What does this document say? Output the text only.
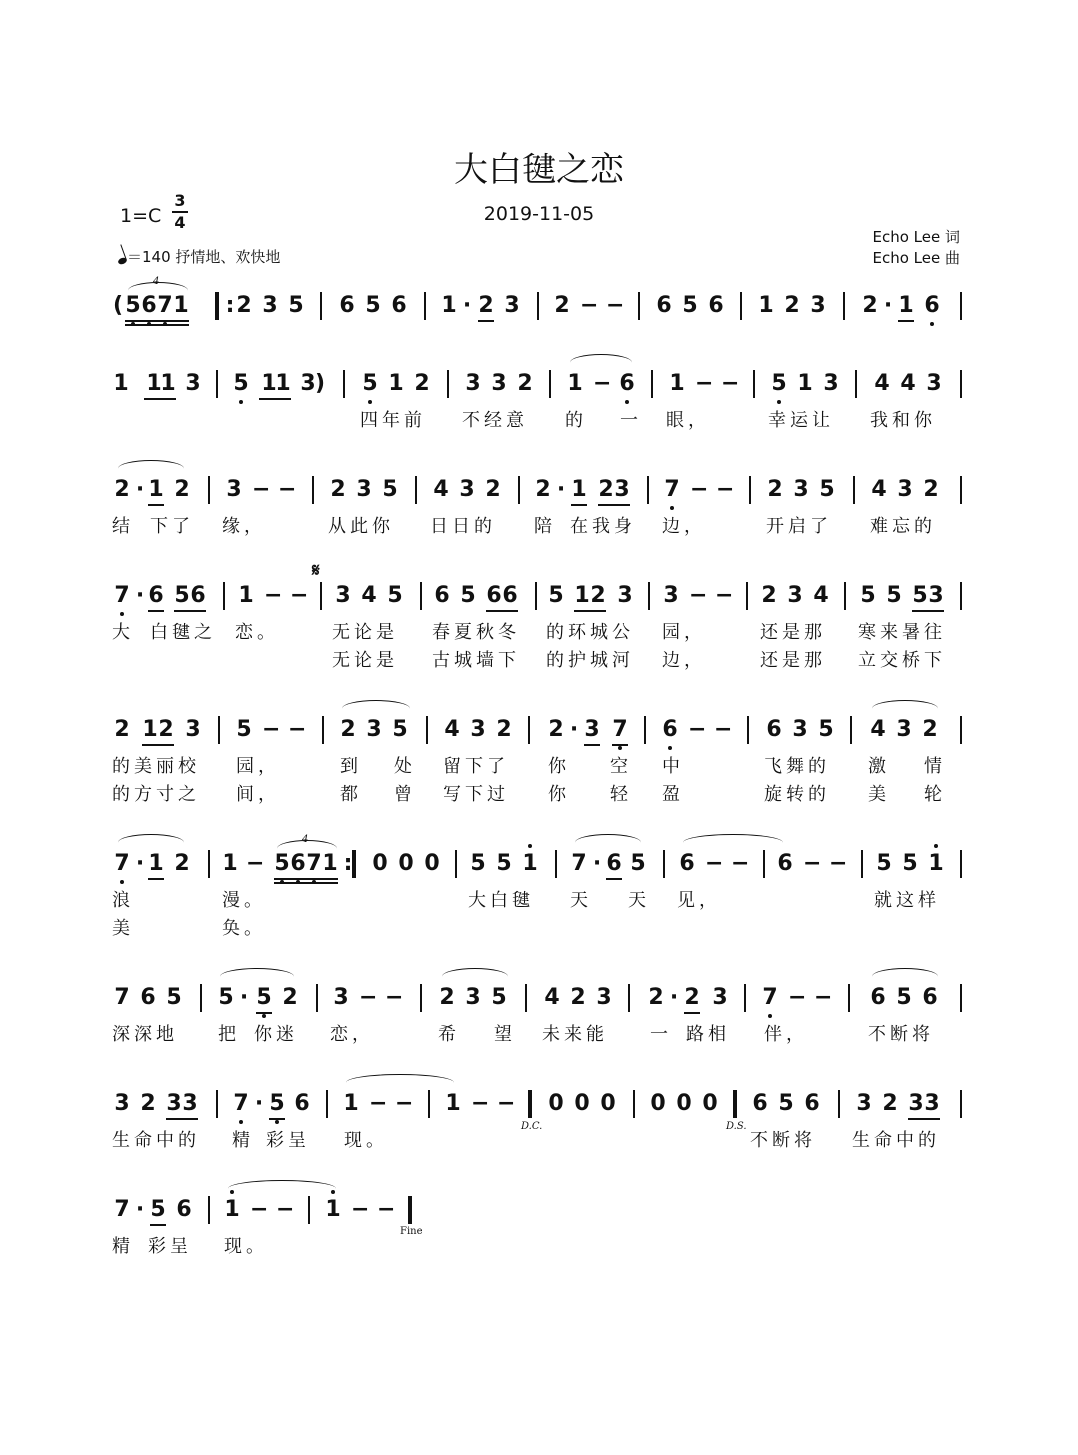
大白毽之恋
2019-11-05
1=C
3
4
＝140 抒情地、欢快地
Echo Lee 词
Echo Lee 曲
( 5 6 7 1 2 3 5 6 5 6 1 · 2 3 2 − − 6 5 6 1 2 3 2 · 1 6
4
:
1 1
1 3 5 1
1 3 ) 5 1 2 3 3 2 1 − 6 1 − − 5 1 3 4 4 3
四年前 不经意 的 一 眼，	幸运让 我和你
2 · 1 2 3 − − 2 3 5 4 3 2 2 · 1 2 3 7 − − 2 3 5 4 3 2
结 下了 缘，	从此你 日日的 陪 在我身 边，	开启了 难忘的
7 · 6 5 6 1 − − 3 4 5 6 5 6 6 5 1 2 3 3 − − 2 3 4 5 5 5 3
𝄋
大 白毽之 恋。	无论是 春夏秋冬 的环城公 园，	还是那 寒来暑往
无论是 古城墙下 的护城河 边，	还是那 立交桥下
2 1 2 3 5 − − 2 3 5 4 3 2 2 · 3 7 6 − − 6 3 5 4 3 2
的美丽校 园，	到 处 留下了 你 空 中	飞舞的 激 情
的方寸之 间，	都 曾 写下过 你 轻 盈	旋转的 美 轮
7 · 1 2 1 − 5 6 7 1 0 0 0 5 5 1 7 · 6 5 6 − − 6 − − 5 5 1
4
:
浪	漫。	大白毽 天 天 见，	就这样
美	奂。
7 6 5 5 · 5 2 3 − − 2 3 5 4 2 3 2 · 2 3 7 − − 6 5 6
深深地 把 你迷 恋，	希 望 未来能 一 路相 伴，	不断将
3 2 3 3 7 · 5 6 1 − − 1 − − 0 0 0 0 0 0 6 5 6 3 2 3 3
D.C.	D.S.
生命中的 精 彩呈 现。	不断将 生命中的
7 · 5 6 1 − − 1 − −
Fine
精 彩呈 现。
